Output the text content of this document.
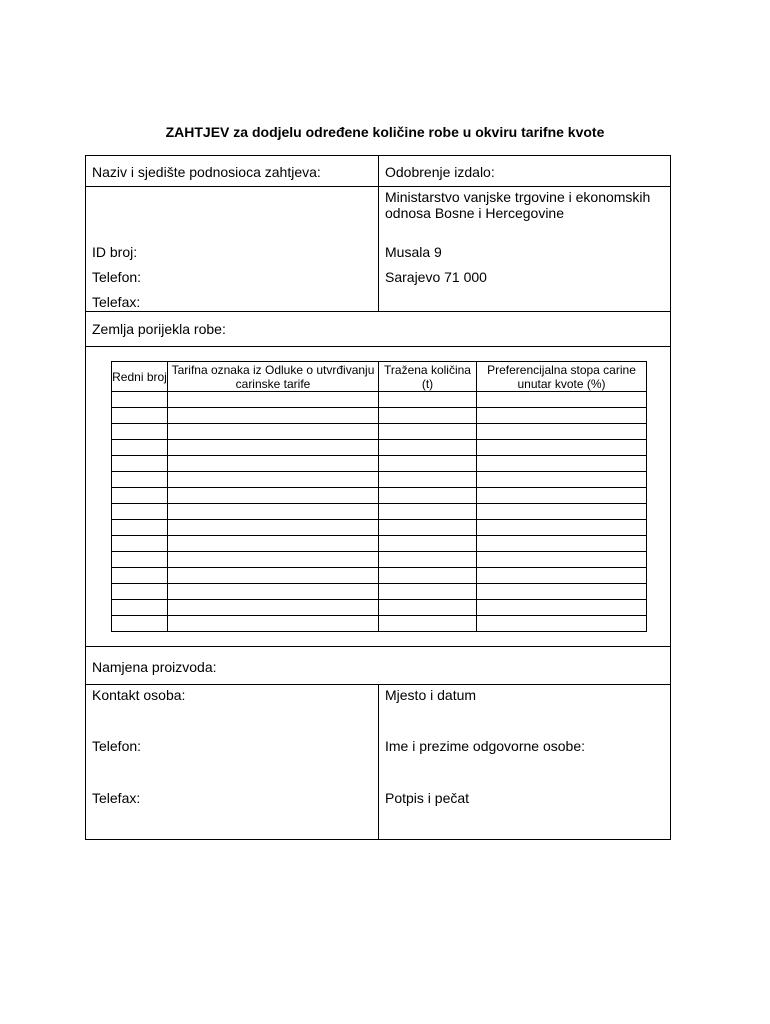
ZAHTJEV za dodjelu određene količine robe u okviru tarifne kvote
Naziv i sjedište podnosioca zahtjeva:
ID broj:
Telefon:
Telefax:
Odobrenje izdalo:
Ministarstvo vanjske trgovine i ekonomskih odnosa Bosne i Hercegovine
Musala 9
Sarajevo 71 000
Zemlja porijekla robe:
Redni broj	Tarifna oznaka iz Odluke o utvrđivanju carinske tarife	Tražena količina (t)	Preferencijalna stopa carine unutar kvote (%)

Namjena proizvoda:
Kontakt osoba:
Telefon:
Telefax:
Mjesto i datum
Ime i prezime odgovorne osobe:
Potpis i pečat
